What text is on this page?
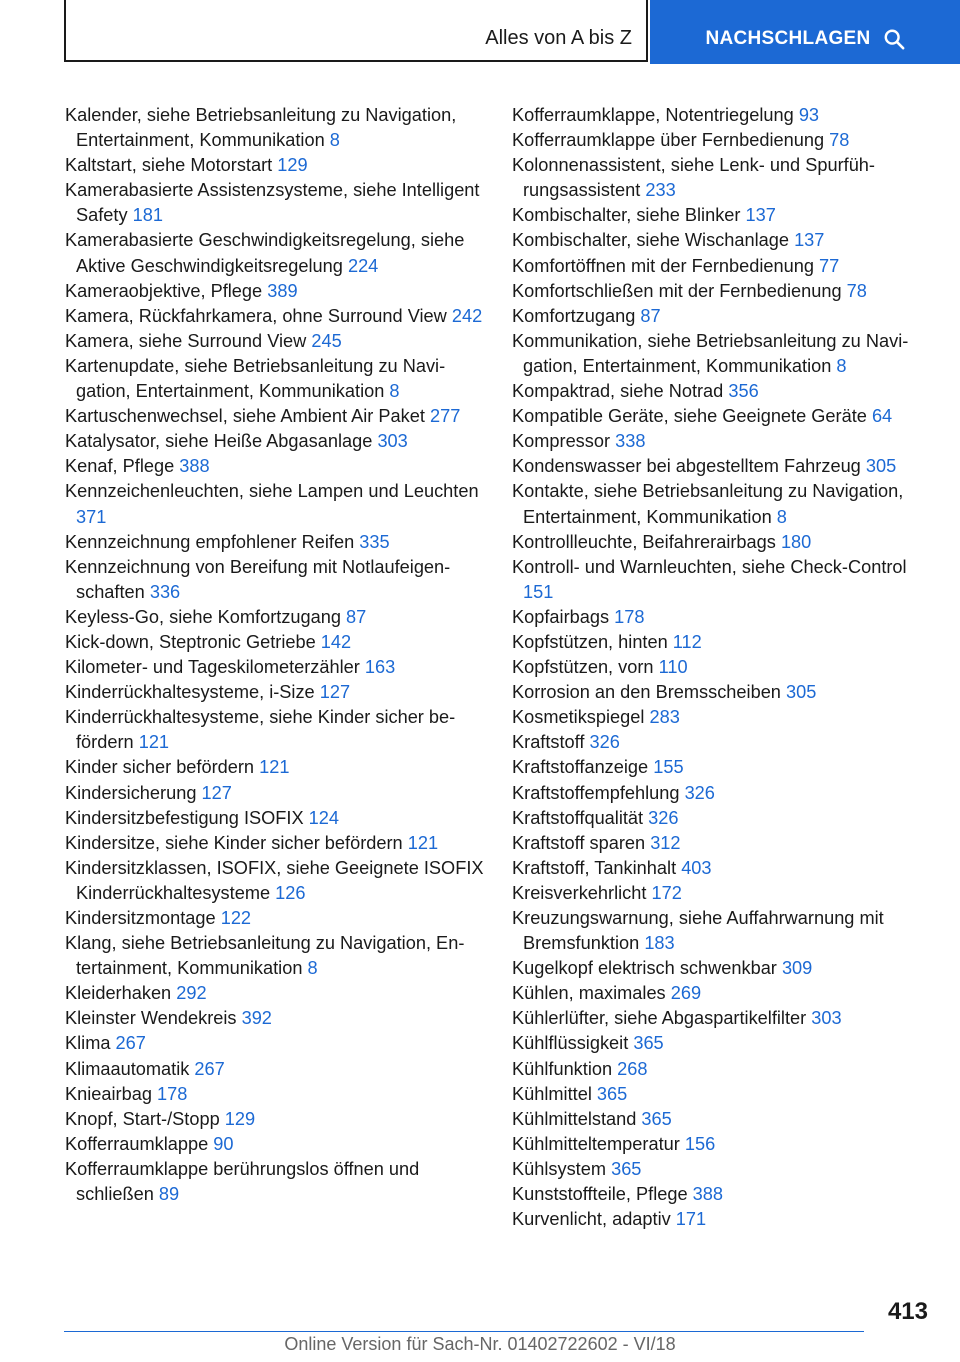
Alles von A bis Z	NACHSCHLAGEN
Kalender, siehe Betriebsanleitung zu Navigation, Entertainment, Kommunikation 8
Kaltstart, siehe Motorstart 129
Kamerabasierte Assistenzsysteme, siehe Intelligent Safety 181
Kamerabasierte Geschwindigkeitsregelung, siehe Aktive Geschwindigkeitsregelung 224
Kameraobjektive, Pflege 389
Kamera, Rückfahrkamera, ohne Surround View 242
Kamera, siehe Surround View 245
Kartenupdate, siehe Betriebsanleitung zu Navigation, Entertainment, Kommunikation 8
Kartuschenwechsel, siehe Ambient Air Paket 277
Katalysator, siehe Heiße Abgasanlage 303
Kenaf, Pflege 388
Kennzeichenleuchten, siehe Lampen und Leuchten 371
Kennzeichnung empfohlener Reifen 335
Kennzeichnung von Bereifung mit Notlaufeigenschaften 336
Keyless-Go, siehe Komfortzugang 87
Kick-down, Steptronic Getriebe 142
Kilometer- und Tageskilometerzähler 163
Kinderrückhaltesysteme, i-Size 127
Kinderrückhaltesysteme, siehe Kinder sicher befördern 121
Kinder sicher befördern 121
Kindersicherung 127
Kindersitzbefestigung ISOFIX 124
Kindersitze, siehe Kinder sicher befördern 121
Kindersitzklassen, ISOFIX, siehe Geeignete ISOFIX Kinderrückhaltesysteme 126
Kindersitzmontage 122
Klang, siehe Betriebsanleitung zu Navigation, Entertainment, Kommunikation 8
Kleiderhaken 292
Kleinster Wendekreis 392
Klima 267
Klimaautomatik 267
Knieairbag 178
Knopf, Start-/Stopp 129
Kofferraumklappe 90
Kofferraumklappe berührungslos öffnen und schließen 89
Kofferraumklappe, Notentriegelung 93
Kofferraumklappe über Fernbedienung 78
Kolonnenassistent, siehe Lenk- und Spurführungsassistent 233
Kombischalter, siehe Blinker 137
Kombischalter, siehe Wischanlage 137
Komfortöffnen mit der Fernbedienung 77
Komfortschließen mit der Fernbedienung 78
Komfortzugang 87
Kommunikation, siehe Betriebsanleitung zu Navigation, Entertainment, Kommunikation 8
Kompaktrad, siehe Notrad 356
Kompatible Geräte, siehe Geeignete Geräte 64
Kompressor 338
Kondenswasser bei abgestelltem Fahrzeug 305
Kontakte, siehe Betriebsanleitung zu Navigation, Entertainment, Kommunikation 8
Kontrollleuchte, Beifahrerairbags 180
Kontroll- und Warnleuchten, siehe Check-Control 151
Kopfairbags 178
Kopfstützen, hinten 112
Kopfstützen, vorn 110
Korrosion an den Bremsscheiben 305
Kosmetikspiegel 283
Kraftstoff 326
Kraftstoffanzeige 155
Kraftstoffempfehlung 326
Kraftstoffqualität 326
Kraftstoff sparen 312
Kraftstoff, Tankinhalt 403
Kreisverkehrlicht 172
Kreuzungswarnung, siehe Auffahrwarnung mit Bremsfunktion 183
Kugelkopf elektrisch schwenkbar 309
Kühlen, maximales 269
Kühlerlüfter, siehe Abgaspartikelfilter 303
Kühlflüssigkeit 365
Kühlfunktion 268
Kühlmittel 365
Kühlmittelstand 365
Kühlmitteltemperatur 156
Kühlsystem 365
Kunststoffteile, Pflege 388
Kurvenlicht, adaptiv 171
413
Online Version für Sach-Nr. 01402722602 - VI/18
